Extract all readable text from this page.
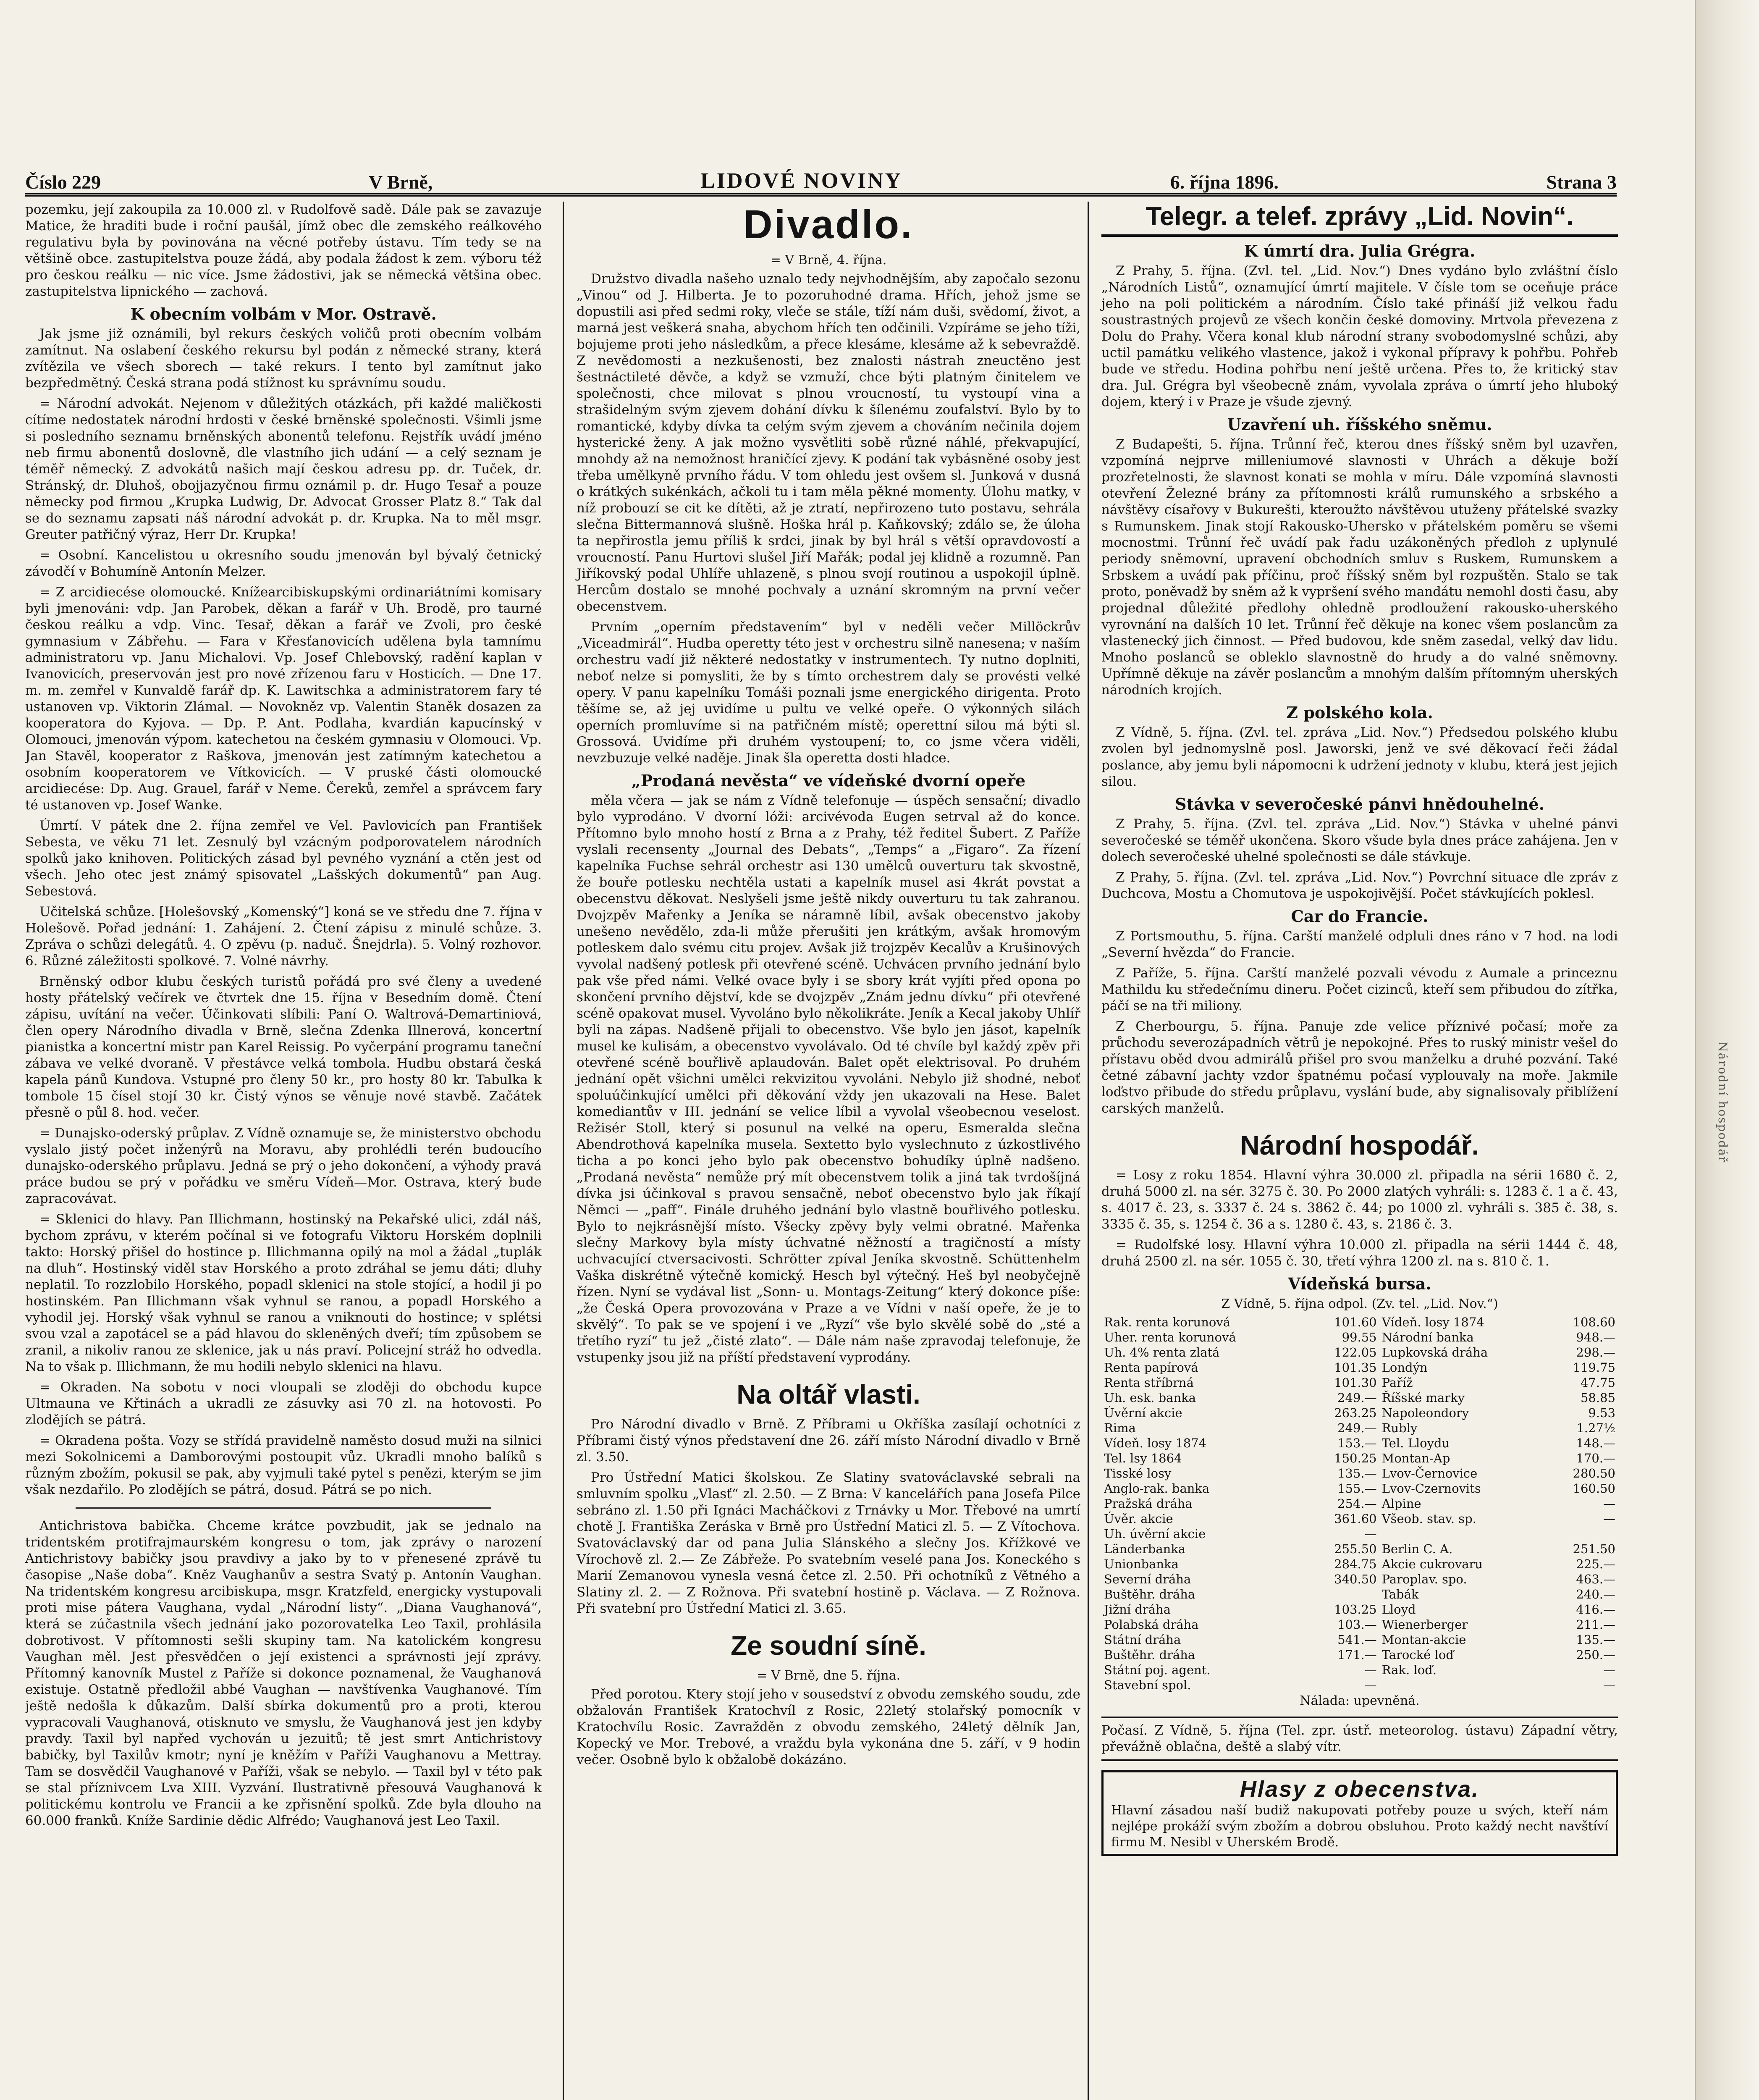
Národní hospodář
Číslo 229	V Brně,	LIDOVÉ NOVINY	6. října 1896.	Strana 3

pozemku, její zakoupila za 10.000 zl. v Rudolfově sadě. Dále pak se zavazuje Matice, že hraditi bude i roční paušál, jímž obec dle zemského reálkového regulativu byla by povinována na věcné potřeby ústavu. Tím tedy se na většině obce. zastupitelstva pouze žádá, aby podala žádost k zem. výboru též pro českou reálku — nic více. Jsme žádostivi, jak se německá většina obec. zastupitelstva lipnického — zachová.

K obecním volbám v Mor. Ostravě.

Jak jsme již oznámili, byl rekurs českých voličů proti obecním volbám zamítnut. Na oslabení českého rekursu byl podán z německé strany, která zvítězila ve všech sborech — také rekurs. I tento byl zamítnut jako bezpředmětný. Česká strana podá stížnost ku správnímu soudu.

= Národní advokát. Nejenom v důležitých otázkách, při každé maličkosti cítíme nedostatek národní hrdosti v české brněnské společnosti. Všimli jsme si posledního seznamu brněnských abonentů telefonu. Rejstřík uvádí jméno neb firmu abonentů doslovně, dle vlastního jich udání — a celý seznam je téměř německý. Z advokátů našich mají českou adresu pp. dr. Tuček, dr. Stránský, dr. Dluhoš, obojjazyčnou firmu oznámil p. dr. Hugo Tesař a pouze německy pod firmou „Krupka Ludwig, Dr. Advocat Grosser Platz 8.“ Tak dal se do seznamu zapsati náš národní advokát p. dr. Krupka. Na to měl msgr. Greuter patřičný výraz, Herr Dr. Krupka!

= Osobní. Kancelistou u okresního soudu jmenován byl bývalý četnický závodčí v Bohumíně Antonín Melzer.

= Z arcidiecése olomoucké. Knížearcibiskupskými ordinariátními komisary byli jmenováni: vdp. Jan Parobek, děkan a farář v Uh. Brodě, pro taurné českou reálku a vdp. Vinc. Tesař, děkan a farář ve Zvoli, pro české gymnasium v Zábřehu. — Fara v Křesťanovicích udělena byla tamnímu administratoru vp. Janu Michalovi. Vp. Josef Chlebovský, radění kaplan v Ivanovicích, preservován jest pro nové zřízenou faru v Hosticích. — Dne 17. m. m. zemřel v Kunvaldě farář dp. K. Lawitschka a administratorem fary té ustanoven vp. Viktorin Zlámal. — Novokněz vp. Valentin Staněk dosazen za kooperatora do Kyjova. — Dp. P. Ant. Podlaha, kvardián kapucínský v Olomouci, jmenován výpom. katechetou na českém gymnasiu v Olomouci. Vp. Jan Stavěl, kooperator z Raškova, jmenován jest zatímným katechetou a osobním kooperatorem ve Vítkovicích. — V pruské části olomoucké arcidiecése: Dp. Aug. Grauel, farář v Neme. Čereků, zemřel a správcem fary té ustanoven vp. Josef Wanke.

Úmrtí. V pátek dne 2. října zemřel ve Vel. Pavlovicích pan František Sebesta, ve věku 71 let. Zesnulý byl vzácným podporovatelem národních spolků jako knihoven. Politických zásad byl pevného vyznání a ctěn jest od všech. Jeho otec jest známý spisovatel „Lašských dokumentů“ pan Aug. Sebestová.

Učitelská schůze. [Holešovský „Komenský“] koná se ve středu dne 7. října v Holešově. Pořad jednání: 1. Zahájení. 2. Čtení zápisu z minulé schůze. 3. Zpráva o schůzi delegátů. 4. O zpěvu (p. naduč. Šnejdrla). 5. Volný rozhovor. 6. Různé záležitosti spolkové. 7. Volné návrhy.

Brněnský odbor klubu českých turistů pořádá pro své členy a uvedené hosty přátelský večírek ve čtvrtek dne 15. října v Besedním domě. Čtení zápisu, uvítání na večer. Účinkovati slíbili: Paní O. Waltrová-Demartiniová, člen opery Národního divadla v Brně, slečna Zdenka Illnerová, koncertní pianistka a koncertní mistr pan Karel Reissig. Po vyčerpání programu taneční zábava ve velké dvoraně. V přestávce velká tombola. Hudbu obstará česká kapela pánů Kundova. Vstupné pro členy 50 kr., pro hosty 80 kr. Tabulka k tombole 15 čísel stojí 30 kr. Čistý výnos se věnuje nové stavbě. Začátek přesně o půl 8. hod. večer.

= Dunajsko-oderský průplav. Z Vídně oznamuje se, že ministerstvo obchodu vyslalo jistý počet inženýrů na Moravu, aby prohlédli terén budoucího dunajsko-oderského průplavu. Jedná se prý o jeho dokončení, a výhody pravá práce budou se prý v pořádku ve směru Vídeň—Mor. Ostrava, který bude zapracovávat.

= Sklenici do hlavy. Pan Illichmann, hostinský na Pekařské ulici, zdál náš, bychom zprávu, v kterém počínal si ve fotografu Viktoru Horském doplnili takto: Horský přišel do hostince p. Illichmanna opilý na mol a žádal „tuplák na dluh“. Hostinský viděl stav Horského a proto zdráhal se jemu dáti; dluhy neplatil. To rozzlobilo Horského, popadl sklenici na stole stojící, a hodil ji po hostinském. Pan Illichmann však vyhnul se ranou, a popadl Horského a vyhodil jej. Horský však vyhnul se ranou a vniknouti do hostince; v splétsi svou vzal a zapotácel se a pád hlavou do skleněných dveří; tím způsobem se zranil, a nikoliv ranou ze sklenice, jak u nás praví. Policejní stráž ho odvedla. Na to však p. Illichmann, že mu hodili nebylo sklenici na hlavu.

= Okraden. Na sobotu v noci vloupali se zloději do obchodu kupce Ultmauna ve Křtinách a ukradli ze zásuvky asi 70 zl. na hotovosti. Po zlodějích se pátrá.

= Okradena pošta. Vozy se střídá pravidelně naměsto dosud muži na silnici mezi Sokolnicemi a Damborovými postoupit vůz. Ukradli mnoho balíků s různým zbožím, pokusil se pak, aby vyjmuli také pytel s penězi, kterým se jim však nezdařilo. Po zlodějích se pátrá, dosud. Pátrá se po nich.

Antichristova babička. Chceme krátce povzbudit, jak se jednalo na tridentském protifrajmaurském kongresu o tom, jak zprávy o narození Antichristovy babičky jsou pravdivy a jako by to v přenesené zprávě tu časopise „Naše doba“. Kněz Vaughanův a sestra Svatý p. Antonín Vaughan. Na tridentském kongresu arcibiskupa, msgr. Kratzfeld, energicky vystupovali proti mise pátera Vaughana, vydal „Národní listy“. „Diana Vaughanová“, která se zúčastnila všech jednání jako pozorovatelka Leo Taxil, prohlásila dobrotivost. V přítomnosti sešli skupiny tam. Na katolickém kongresu Vaughan měl. Jest přesvědčen o její existenci a správnosti její zprávy. Přítomný kanovník Mustel z Paříže si dokonce poznamenal, že Vaughanová existuje. Ostatně předložil abbé Vaughan — navštívenka Vaughanové. Tím ještě nedošla k důkazům. Další sbírka dokumentů pro a proti, kterou vypracovali Vaughanová, otisknuto ve smyslu, že Vaughanová jest jen kdyby pravdy. Taxil byl napřed vychován u jezuitů; tě jest smrt Antichristovy babičky, byl Taxilův kmotr; nyní je kněžím v Paříži Vaughanovu a Mettray. Tam se dosvědčil Vaughanové v Paříži, však se nebylo. — Taxil byl v této pak se stal příznivcem Lva XIII. Vyzvání. Ilustrativně přesouvá Vaughanová k politickému kontrolu ve Francii a ke zpřisnění spolků. Zde byla dlouho na 60.000 franků. Kníže Sardinie dědic Alfrédo; Vaughanová jest Leo Taxil.

Divadlo.
= V Brně, 4. října.

Družstvo divadla našeho uznalo tedy nejvhodnějším, aby započalo sezonu „Vinou“ od J. Hilberta. Je to pozoruhodné drama. Hřích, jehož jsme se dopustili asi před sedmi roky, vleče se stále, tíží nám duši, svědomí, život, a marná jest veškerá snaha, abychom hřích ten odčinili. Vzpíráme se jeho tíži, bojujeme proti jeho následkům, a přece klesáme, klesáme až k sebevraždě. Z nevědomosti a nezkušenosti, bez znalosti nástrah zneuctěno jest šestnáctileté děvče, a když se vzmuží, chce býti platným činitelem ve společnosti, chce milovat s plnou vroucností, tu vystoupí vina a strašidelným svým zjevem dohání dívku k šílenému zoufalství. Bylo by to romantické, kdyby dívka ta celým svým zjevem a chováním nečinila dojem hysterické ženy. A jak možno vysvětliti sobě různé náhlé, překvapující, mnohdy až na nemožnost hraničící zjevy. K podání tak vybásněné osoby jest třeba umělkyně prvního řádu. V tom ohledu jest ovšem sl. Junková v dusná o krátkých sukénkách, ačkoli tu i tam měla pěkné momenty. Úlohu matky, v níž probouzí se cit ke dítěti, až je ztratí, nepřirozeno tuto postavu, sehrála slečna Bittermannová slušně. Hoška hrál p. Kaňkovský; zdálo se, že úloha ta nepřirostla jemu příliš k srdci, jinak by byl hrál s větší opravdovostí a vroucností. Panu Hurtovi slušel Jiří Mařák; podal jej klidně a rozumně. Pan Jiříkovský podal Uhlíře uhlazeně, s plnou svojí routinou a uspokojil úplně. Hercům dostalo se mnohé pochvaly a uznání skromným na první večer obecenstvem.

Prvním „operním představením“ byl v neděli večer Millöckrův „Viceadmirál“. Hudba operetty této jest v orchestru silně nanesena; v naším orchestru vadí již některé nedostatky v instrumentech. Ty nutno doplniti, neboť nelze si pomysliti, že by s tímto orchestrem daly se provésti velké opery. V panu kapelníku Tomáši poznali jsme energického dirigenta. Proto těšíme se, až jej uvidíme u pultu ve velké opeře. O výkonných silách operních promluvíme si na patřičném místě; operettní silou má býti sl. Grossová. Uvidíme při druhém vystoupení; to, co jsme včera viděli, nevzbuzuje velké naděje. Jinak šla operetta dosti hladce.

„Prodaná nevěsta“ ve vídeňské dvorní opeře

měla včera — jak se nám z Vídně telefonuje — úspěch sensační; divadlo bylo vyprodáno. V dvorní lóži: arcivévoda Eugen setrval až do konce. Přítomno bylo mnoho hostí z Brna a z Prahy, též ředitel Šubert. Z Paříže vyslali recensenty „Journal des Debats“, „Temps“ a „Figaro“. Za řízení kapelníka Fuchse sehrál orchestr asi 130 umělců ouverturu tak skvostně, že bouře potlesku nechtěla ustati a kapelník musel asi 4krát povstat a obecenstvu děkovat. Neslyšeli jsme ještě nikdy ouverturu tu tak zahranou. Dvojzpěv Mařenky a Jeníka se náramně líbil, avšak obecenstvo jakoby unešeno nevědělo, zda-li může přerušiti jen krátkým, avšak hromovým potleskem dalo svému citu projev. Avšak již trojzpěv Kecalův a Krušinových vyvolal nadšený potlesk při otevřené scéně. Uchvácen prvního jednání bylo pak vše před námi. Velké ovace byly i se sbory krát vyjíti před opona po skončení prvního dějství, kde se dvojzpěv „Znám jednu dívku“ při otevřené scéně opakovat musel. Vyvoláno bylo několikráte. Jeník a Kecal jakoby Uhlíř byli na zápas. Nadšeně přijali to obecenstvo. Vše bylo jen jásot, kapelník musel ke kulisám, a obecenstvo vyvolávalo. Od té chvíle byl každý zpěv při otevřené scéně bouřlivě aplaudován. Balet opět elektrisoval. Po druhém jednání opět všichni umělci rekvizitou vyvoláni. Nebylo již shodné, neboť spoluúčinkující umělci při děkování vždy jen ukazovali na Hese. Balet komediantův v III. jednání se velice líbil a vyvolal všeobecnou veselost. Režisér Stoll, který si posunul na velké na operu, Esmeralda slečna Abendrothová kapelníka musela. Sextetto bylo vyslechnuto z úzkostlivého ticha a po konci jeho bylo pak obecenstvo bohudíky úplně nadšeno. „Prodaná nevěsta“ nemůže prý mít obecenstvem tolik a jiná tak tvrdošíjná dívka jsi účinkoval s pravou sensačně, neboť obecenstvo bylo jak říkají Němci — „paff“. Finále druhého jednání bylo vlastně bouřlivého potlesku. Bylo to nejkrásnější místo. Všecky zpěvy byly velmi obratné. Mařenka slečny Markovy byla místy úchvatné něžností a tragičností a místy uchvacující ctversacivosti. Schrötter zpíval Jeníka skvostně. Schüttenhelm Vaška diskrétně výtečně komický. Hesch byl výtečný. Heš byl neobyčejně řízen. Nyní se vydával list „Sonn- u. Montags-Zeitung“ který dokonce píše: „že Česká Opera provozována v Praze a ve Vídni v naší opeře, že je to skvělý“. To pak se ve spojení i ve „Ryzí“ vše bylo skvělé sobě do „sté a třetího ryzí“ tu jež „čisté zlato“. — Dále nám naše zpravodaj telefonuje, že vstupenky jsou již na příští představení vyprodány.

Na oltář vlasti.

Pro Národní divadlo v Brně. Z Příbrami u Okříška zasílají ochotníci z Příbrami čistý výnos představení dne 26. září místo Národní divadlo v Brně zl. 3.50.

Pro Ústřední Matici školskou. Ze Slatiny svatováclavské sebrali na smluvním spolku „Vlasť“ zl. 2.50. — Z Brna: V kancelářích pana Josefa Pilce sebráno zl. 1.50 při Ignáci Macháčkovi z Trnávky u Mor. Třebové na umrtí chotě J. Františka Zeráska v Brně pro Ústřední Matici zl. 5. — Z Vítochova. Svatováclavský dar od pana Julia Slánského a slečny Jos. Křížkové ve Vírochově zl. 2.— Ze Zábřeže. Po svatebním veselé pana Jos. Koneckého s Marií Zemanovou vynesla vesná četce zl. 2.50. Při ochotníků z Větného a Slatiny zl. 2. — Z Rožnova. Při svatební hostině p. Václava. — Z Rožnova. Při svatební pro Ústřední Matici zl. 3.65.

Ze soudní síně.
= V Brně, dne 5. října.

Před porotou. Ktery stojí jeho v sousedství z obvodu zemského soudu, zde obžalován František Kratochvíl z Rosic, 22letý stolařský pomocník v Kratochvílu Rosic. Zavražděn z obvodu zemského, 24letý dělník Jan, Kopecký ve Mor. Trebové, a vraždu byla vykonána dne 5. září, v 9 hodin večer. Osobně bylo k obžalobě dokázáno.

Telegr. a telef. zprávy „Lid. Novin“.
K úmrtí dra. Julia Grégra.

Z Prahy, 5. října. (Zvl. tel. „Lid. Nov.“) Dnes vydáno bylo zvláštní číslo „Národních Listů“, oznamující úmrtí majitele. V čísle tom se oceňuje práce jeho na poli politickém a národním. Číslo také přináší již velkou řadu soustrastných projevů ze všech končin české domoviny. Mrtvola převezena z Dolu do Prahy. Včera konal klub národní strany svobodomyslné schůzi, aby uctil památku velikého vlastence, jakož i vykonal přípravy k pohřbu. Pohřeb bude ve středu. Hodina pohřbu není ještě určena. Přes to, že kritický stav dra. Jul. Grégra byl všeobecně znám, vyvolala zpráva o úmrtí jeho hluboký dojem, který i v Praze je všude zjevný.

Uzavření uh. říšského sněmu.

Z Budapešti, 5. října. Trůnní řeč, kterou dnes říšský sněm byl uzavřen, vzpomíná nejprve milleniumové slavnosti v Uhrách a děkuje boží prozřetelnosti, že slavnost konati se mohla v míru. Dále vzpomíná slavnosti otevření Železné brány za přítomnosti králů rumunského a srbského a návštěvy císařovy v Bukurešti, kteroužto návštěvou utuženy přátelské svazky s Rumunskem. Jinak stojí Rakousko-Uhersko v přátelském poměru se všemi mocnostmi. Trůnní řeč uvádí pak řadu uzákoněných předloh z uplynulé periody sněmovní, upravení obchodních smluv s Ruskem, Rumunskem a Srbskem a uvádí pak příčinu, proč říšský sněm byl rozpuštěn. Stalo se tak proto, poněvadž by sněm až k vypršení svého mandátu nemohl dosti času, aby projednal důležité předlohy ohledně prodloužení rakousko-uherského vyrovnání na dalších 10 let. Trůnní řeč děkuje na konec všem poslancům za vlastenecký jich činnost. — Před budovou, kde sněm zasedal, velký dav lidu. Mnoho poslanců se obleklo slavnostně do hrudy a do valné sněmovny. Upřímně děkuje na závěr poslancům a mnohým dalším přítomným uherských národních krojích.

Z polského kola.

Z Vídně, 5. října. (Zvl. tel. zpráva „Lid. Nov.“) Předsedou polského klubu zvolen byl jednomyslně posl. Jaworski, jenž ve své děkovací řeči žádal poslance, aby jemu byli nápomocni k udržení jednoty v klubu, která jest jejich silou.

Stávka v severočeské pánvi hnědouhelné.

Z Prahy, 5. října. (Zvl. tel. zpráva „Lid. Nov.“) Stávka v uhelné pánvi severočeské se téměř ukončena. Skoro všude byla dnes práce zahájena. Jen v dolech severočeské uhelné společnosti se dále stávkuje.

Z Prahy, 5. října. (Zvl. tel. zpráva „Lid. Nov.“) Povrchní situace dle zpráv z Duchcova, Mostu a Chomutova je uspokojivější. Počet stávkujících poklesl.

Car do Francie.

Z Portsmouthu, 5. října. Carští manželé odpluli dnes ráno v 7 hod. na lodi „Severní hvězda“ do Francie.

Z Paříže, 5. října. Carští manželé pozvali vévodu z Aumale a princeznu Mathildu ku středečnímu dineru. Počet cizinců, kteří sem přibudou do zítřka, páčí se na tři miliony.

Z Cherbourgu, 5. října. Panuje zde velice příznivé počasí; moře za průchodu severozápadních větrů je nepokojné. Přes to ruský ministr vešel do přístavu oběd dvou admirálů přišel pro svou manželku a druhé pozvání. Také četné zábavní jachty vzdor špatnému počasí vyplouvaly na moře. Jakmile loďstvo přibude do středu průplavu, vyslání bude, aby signalisovaly přiblížení carských manželů.

Národní hospodář.

= Losy z roku 1854. Hlavní výhra 30.000 zl. připadla na sérii 1680 č. 2, druhá 5000 zl. na sér. 3275 č. 30. Po 2000 zlatých vyhráli: s. 1283 č. 1 a č. 43, s. 4017 č. 23, s. 3337 č. 24 s. 3862 č. 44; po 1000 zl. vyhráli s. 385 č. 38, s. 3335 č. 35, s. 1254 č. 36 a s. 1280 č. 43, s. 2186 č. 3.

= Rudolfské losy. Hlavní výhra 10.000 zl. připadla na sérii 1444 č. 48, druhá 2500 zl. na sér. 1055 č. 30, třetí výhra 1200 zl. na s. 810 č. 1.

Vídeňská bursa.
Z Vídně, 5. října odpol. (Zv. tel. „Lid. Nov.“)
Rak. renta korunová	101.60	Vídeň. losy 1874	108.60
Uher. renta korunová	99.55	Národní banka	948.—
Uh. 4% renta zlatá	122.05	Lupkovská dráha	298.—
Renta papírová	101.35	Londýn	119.75
Renta stříbrná	101.30	Paříž	47.75
Uh. esk. banka	249.—	Říšské marky	58.85
Úvěrní akcie	263.25	Napoleondory	9.53
Rima	249.—	Rubly	1.27½
Vídeň. losy 1874	153.—	Tel. Lloydu	148.—
Tel. lsy 1864	150.25	Montan-Ap	170.—
Tisské losy	135.—	Lvov-Černovice	280.50
Anglo-rak. banka	155.—	Lvov-Czernovits	160.50
Pražská dráha	254.—	Alpine	—
Úvěr. akcie	361.60	Všeob. stav. sp.	—
Uh. úvěrní akcie	—		
Länderbanka	255.50	Berlin C. A.	251.50
Unionbanka	284.75	Akcie cukrovaru	225.—
Severní dráha	340.50	Paroplav. spo.	463.—
Buštěhr. dráha		Tabák	240.—
Jižní dráha	103.25	Lloyd	416.—
Polabská dráha	103.—	Wienerberger	211.—
Státní dráha	541.—	Montan-akcie	135.—
Buštěhr. dráha	171.—	Tarocké loď	250.—
Státní poj. agent.	—	Rak. loď.	—
Stavební spol.	—		—
Nálada: upevněná.
Počasí. Z Vídně, 5. října (Tel. zpr. ústř. meteorolog. ústavu) Západní větry, převážně oblačna, deště a slabý vítr.
Hlasy z obecenstva.
Hlavní zásadou naší budiž nakupovati potřeby pouze u svých, kteří nám nejlépe prokáží svým zbožím a dobrou obsluhou. Proto každý necht navštíví firmu M. Nesibl v Uherském Brodě.
